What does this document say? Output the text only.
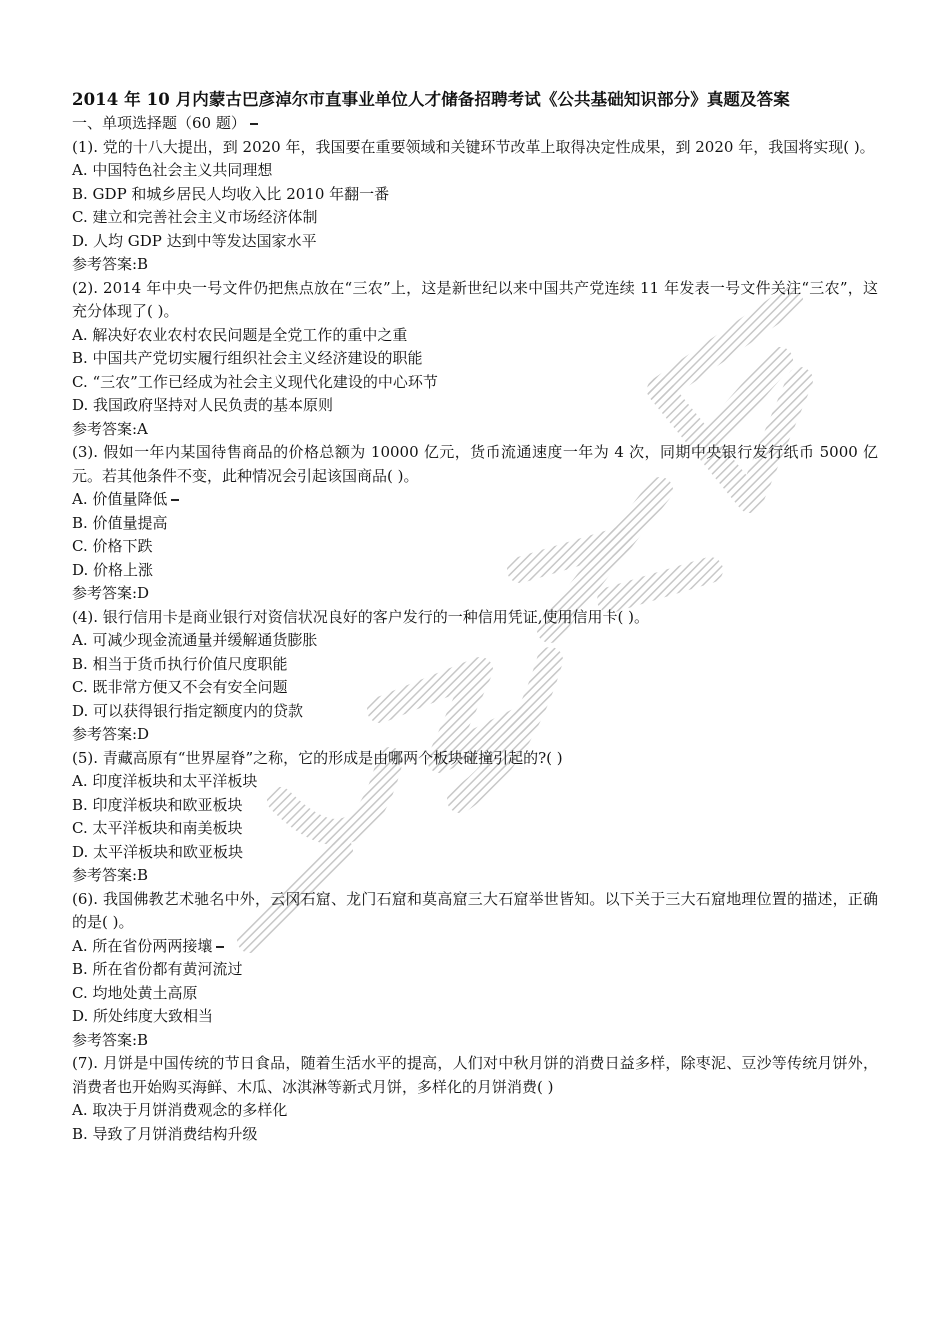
2014 年 10 月内蒙古巴彦淖尔市直事业单位人才储备招聘考试《公共基础知识部分》真题及答案
一、单项选择题（60 题）
(1). 党的十八大提出，到 2020 年，我国要在重要领域和关键环节改革上取得决定性成果，到 2020 年，我国将实现( )。
A. 中国特色社会主义共同理想
B. GDP 和城乡居民人均收入比 2010 年翻一番
C. 建立和完善社会主义市场经济体制
D. 人均 GDP 达到中等发达国家水平
参考答案:B
(2). 2014 年中央一号文件仍把焦点放在“三农”上，这是新世纪以来中国共产党连续 11 年发表一号文件关注“三农”，这充分体现了( )。
A. 解决好农业农村农民问题是全党工作的重中之重
B. 中国共产党切实履行组织社会主义经济建设的职能
C. “三农”工作已经成为社会主义现代化建设的中心环节
D. 我国政府坚持对人民负责的基本原则
参考答案:A
(3). 假如一年内某国待售商品的价格总额为 10000 亿元，货币流通速度一年为 4 次，同期中央银行发行纸币 5000 亿元。若其他条件不变，此种情况会引起该国商品( )。
A. 价值量降低
B. 价值量提高
C. 价格下跌
D. 价格上涨
参考答案:D
(4). 银行信用卡是商业银行对资信状况良好的客户发行的一种信用凭证,使用信用卡( )。
A. 可减少现金流通量并缓解通货膨胀
B. 相当于货币执行价值尺度职能
C. 既非常方便又不会有安全问题
D. 可以获得银行指定额度内的贷款
参考答案:D
(5). 青藏高原有“世界屋脊”之称，它的形成是由哪两个板块碰撞引起的?( )
A. 印度洋板块和太平洋板块
B. 印度洋板块和欧亚板块
C. 太平洋板块和南美板块
D. 太平洋板块和欧亚板块
参考答案:B
(6). 我国佛教艺术驰名中外，云冈石窟、龙门石窟和莫高窟三大石窟举世皆知。以下关于三大石窟地理位置的描述，正确的是( )。
A. 所在省份两两接壤
B. 所在省份都有黄河流过
C. 均地处黄土高原
D. 所处纬度大致相当
参考答案:B
(7). 月饼是中国传统的节日食品，随着生活水平的提高，人们对中秋月饼的消费日益多样，除枣泥、豆沙等传统月饼外，消费者也开始购买海鲜、木瓜、冰淇淋等新式月饼，多样化的月饼消费( )
A. 取决于月饼消费观念的多样化
B. 导致了月饼消费结构升级
